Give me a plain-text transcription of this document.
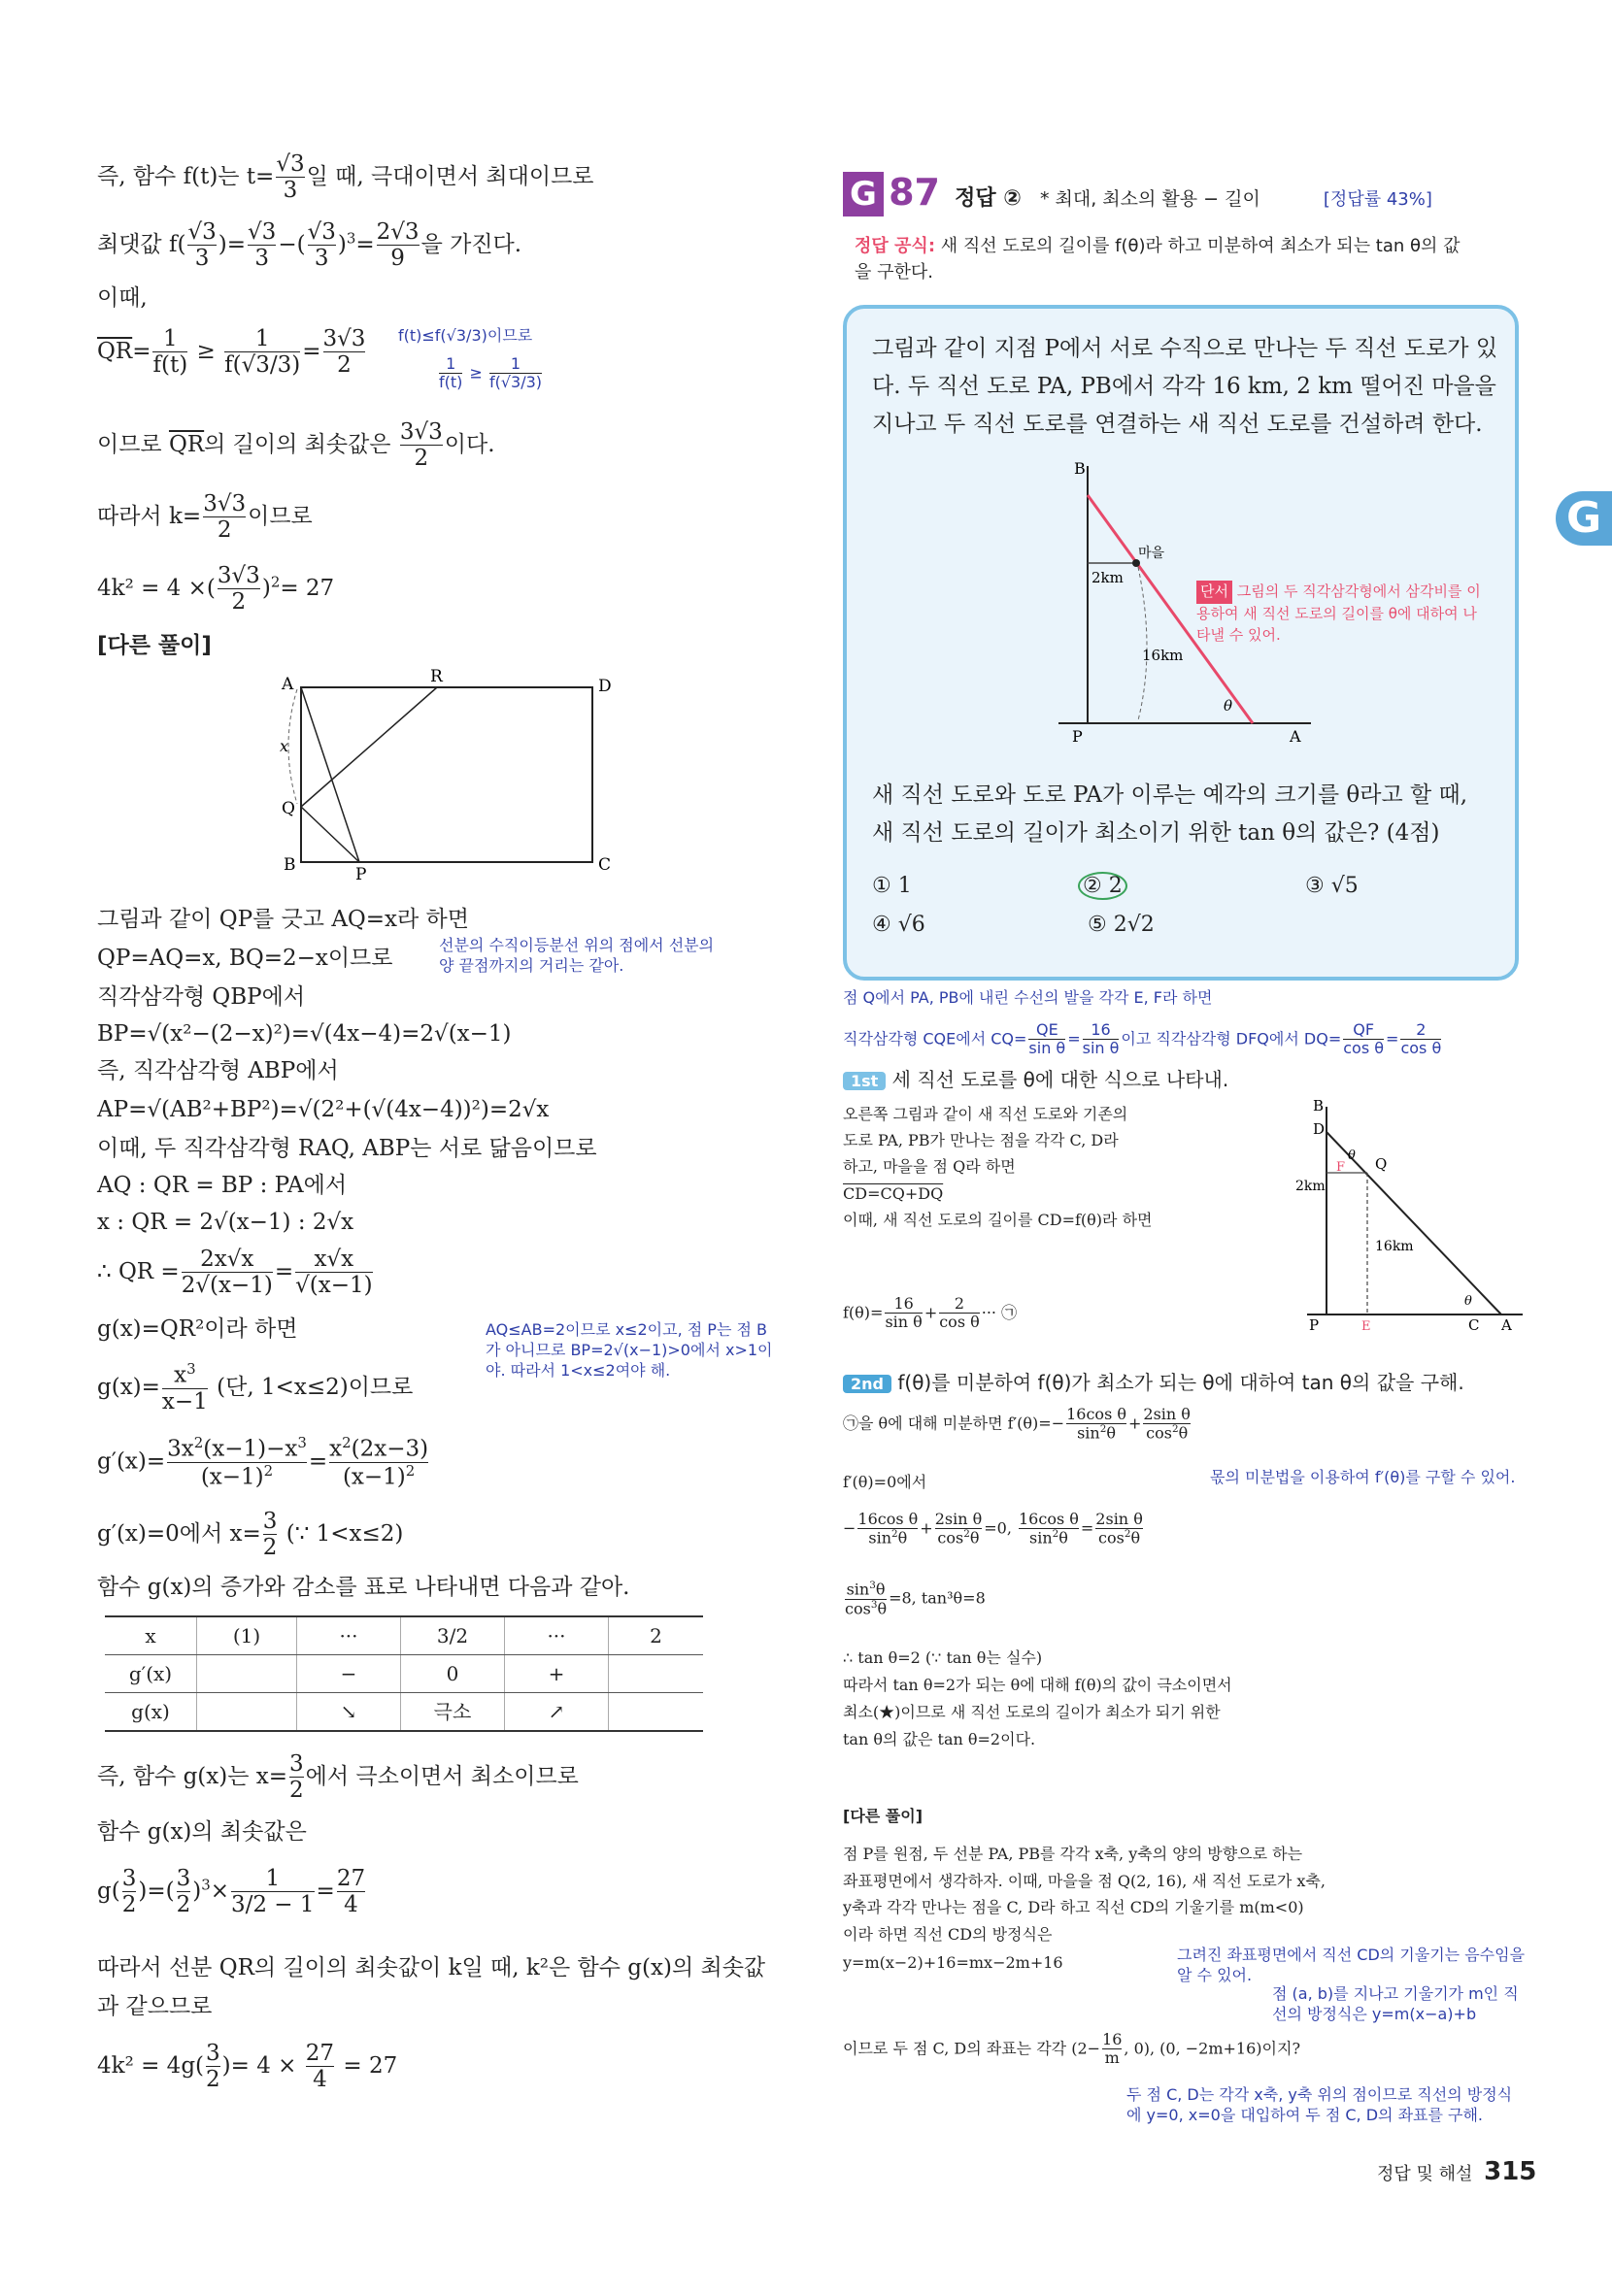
즉, 함수 f(t)는 $t= \frac{√3}{3}$ 일 때, 극대이면서 최대이므로
최댓값 $f( \frac{√3}{3}$ )= $\frac{√3}{3}$ −( $\frac{√3}{3} )^3= \frac{2√3}{9}$ 을 가진다.
이때,
$\overline{QR}= \frac{1}{f(t)} \ge \frac{1}{f(√3/3)} = \frac{3√3}{2} f(t)\le f(√3/3)$이므로
$\frac{1}{f(t)} \ge \frac{1}{f(√3/3)}$
이므로 $\overline{QR}$의 길이의 최솟값은 $\frac{3√3}{2}$ 이다.
따라서 $k= \frac{3√3}{2}$ 이므로
4k² = 4 ×( $\frac{3√3}{2} )^2= 27$
[다른 풀이]
A	R	D
x
Q
B	P	C
그림과 같이 QP를 긋고 AQ=x라 하면
QP=AQ=x, BQ=2−x이므로
선분의 수직이등분선 위의 점에서 선분의 양 끝점까지의 거리는 같아.
직각삼각형 QBP에서
BP=√(x²−(2−x)²)=√(4x−4)=2√(x−1)
즉, 직각삼각형 ABP에서
AP=√(AB²+BP²)=√(2²+(√(4x−4))²)=2√x
이때, 두 직각삼각형 RAQ, ABP는 서로 닮음이므로
AQ : QR = BP : PA에서
x : QR = 2√(x−1) : 2√x
∴ QR = $\frac{2x√x}{2√(x-1)} = \frac{x√x}{√(x-1)}$
g(x)=QR²이라 하면	AQ≤AB=2이므로 x≤2이고, 점 P는 점 B가 아니므로 BP=2√(x−1)>0에서 x>1이야. 따라서 1<x≤2여야 해.
$g(x)= \frac{x^3}{x-1}$ (단, 1<x≤2)이므로
$g'(x)= \frac{3x^2(x-1)-x^3}{(x-1)^2} = \frac{x^2(2x-3)}{(x-1)^2}$
g′(x)=0에서 $x= \frac{3}{2}$ (∵ 1<x≤2)
함수 g(x)의 증가와 감소를 표로 나타내면 다음과 같아.
x	(1)	···	3/2	···	2
g′(x)		−	0	+	
g(x)		↘	극소	↗	
즉, 함수 g(x)는 $x= \frac{3}{2}$ 에서 극소이면서 최소이므로
함수 g(x)의 최솟값은
$g( \frac{3}{2}$ )=( $\frac{3}{2} )^3\times \frac{1}{3/2 - 1} = \frac{27}{4}$
따라서 선분 QR의 길이의 최솟값이 k일 때, k²은 함수 g(x)의 최솟값
과 같으므로
$4k^2 = 4g( \frac{3}{2}$ )= $4 \times \frac{27}{4} = 27$
G 87 정답 ② * 최대, 최소의 활용 − 길이	[정답률 43%]
정답 공식: 새 직선 도로의 길이를 f(θ)라 하고 미분하여 최소가 되는 tan θ의 값을 구한다.
그림과 같이 지점 P에서 서로 수직으로 만나는 두 직선 도로가 있
다. 두 직선 도로 PA, PB에서 각각 16 km, 2 km 떨어진 마을을
지나고 두 직선 도로를 연결하는 새 직선 도로를 건설하려 한다.
B
마을
2km
16km
θ
P	A
단서 그림의 두 직각삼각형에서 삼각비를 이용하여 새 직선 도로의 길이를 θ에 대하여 나타낼 수 있어.
새 직선 도로와 도로 PA가 이루는 예각의 크기를 θ라고 할 때,
새 직선 도로의 길이가 최소이기 위한 tan θ의 값은? (4점)
① 1	② 2	③ √5
④ √6	⑤ 2√2
점 Q에서 PA, PB에 내린 수선의 발을 각각 E, F라 하면
직각삼각형 CQE에서 $CQ= \frac{QE}{\text{sin θ}} = \frac{16}{\text{sin θ}}$ 이고 직각삼각형 DFQ에서 $DQ= \frac{QF}{\text{cos θ}} = \frac{2}{\text{cos θ}}$
1st 세 직선 도로를 θ에 대한 식으로 나타내.
오른쪽 그림과 같이 새 직선 도로와 기존의
도로 PA, PB가 만나는 점을 각각 C, D라
하고, 마을을 점 Q라 하면
CD=CQ+DQ
이때, 새 직선 도로의 길이를 CD=f(θ)라 하면
$f(\theta)= \frac{16}{\text{sin θ}} + \frac{2}{\text{cos θ}}$ ··· ㉠
B
D
F
θ Q
2km
16km
P	E
θ
C A
2nd f(θ)를 미분하여 f(θ)가 최소가 되는 θ에 대하여 tan θ의 값을 구해.
㉠을 θ에 대해 미분하면 $f'(\theta)=- \frac{\text{16cos θ}}{\sin^2\theta} + \frac{\text{2sin θ}}{\cos^2\theta}$
몫의 미분법을 이용하여 f′(θ)를 구할 수 있어.
f′(θ)=0에서
− $\frac{\text{16cos θ}}{\sin^2\theta} + \frac{\text{2sin θ}}{\cos^2\theta} =0$, $\frac{\text{16cos θ}}{\sin^2\theta} = \frac{\text{2sin θ}}{\cos^2\theta}$
$\frac{\sin^3\theta}{\cos^3\theta} =8$, tan³θ=8
∴ tan θ=2 (∵ tan θ는 실수)
따라서 tan θ=2가 되는 θ에 대해 f(θ)의 값이 극소이면서
최소(★)이므로 새 직선 도로의 길이가 최소가 되기 위한
tan θ의 값은 tan θ=2이다.
[다른 풀이]
점 P를 원점, 두 선분 PA, PB를 각각 x축, y축의 양의 방향으로 하는
좌표평면에서 생각하자. 이때, 마을을 점 Q(2, 16), 새 직선 도로가 x축,
y축과 각각 만나는 점을 C, D라 하고 직선 CD의 기울기를 m(m<0)
이라 하면 직선 CD의 방정식은
y=m(x−2)+16=mx−2m+16	그려진 좌표평면에서 직선 CD의 기울기는 음수임을 알 수 있어.
점 (a, b)를 지나고 기울기가 m인 직선의 방정식은 y=m(x−a)+b
이므로 두 점 C, D의 좌표는 각각 ($2- \frac{16}{m}$ , 0), (0, −2m+16)이지?
두 점 C, D는 각각 x축, y축 위의 점이므로 직선의 방정식에 y=0, x=0을 대입하여 두 점 C, D의 좌표를 구해.
G
정답 및 해설 315
